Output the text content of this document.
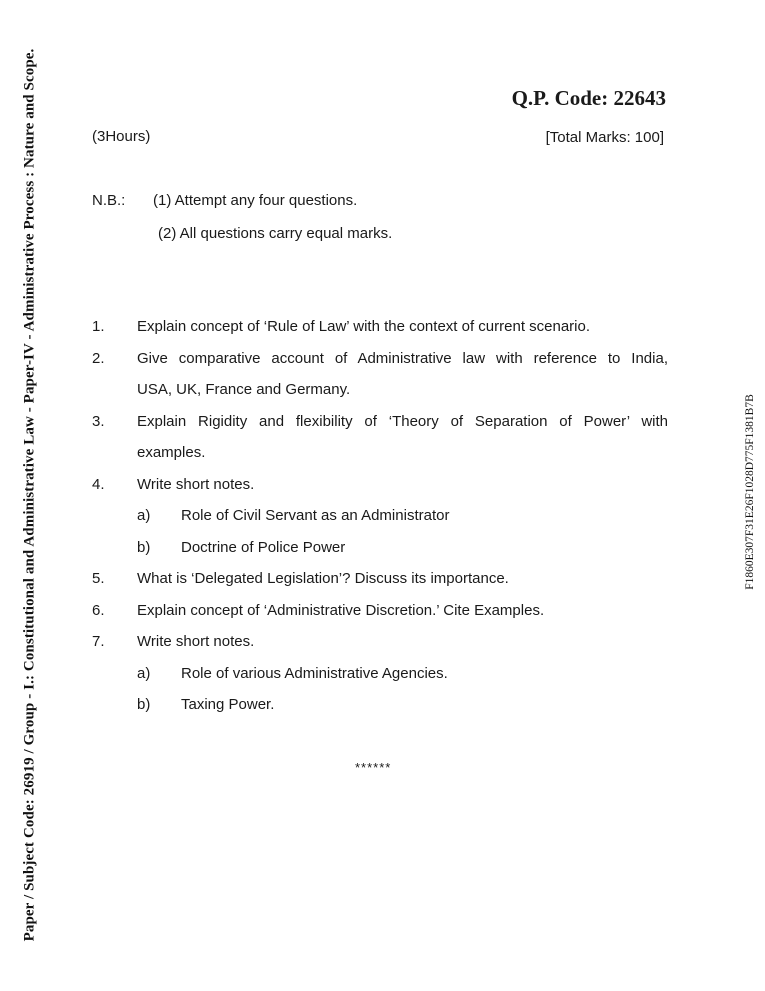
Paper / Subject Code: 26919 / Group - I.: Constitutional and Administrative Law - Paper-IV - Administrative Process : Nature and Scope.	F1860E307F31E26F1028D775F1381B7B
Q.P. Code: 22643
(3Hours)	[Total Marks: 100]
N.B.: (1) Attempt any four questions.
(2) All questions carry equal marks.
1. Explain concept of ‘Rule of Law’ with the context of current scenario.
2. Give comparative account of Administrative law with reference to India,
USA, UK, France and Germany.
3. Explain Rigidity and flexibility of ‘Theory of Separation of Power’ with
examples.
4. Write short notes.
a) Role of Civil Servant as an Administrator
b) Doctrine of Police Power
5. What is ‘Delegated Legislation’? Discuss its importance.
6. Explain concept of ‘Administrative Discretion.’ Cite Examples.
7. Write short notes.
a) Role of various Administrative Agencies.
b) Taxing Power.
******
